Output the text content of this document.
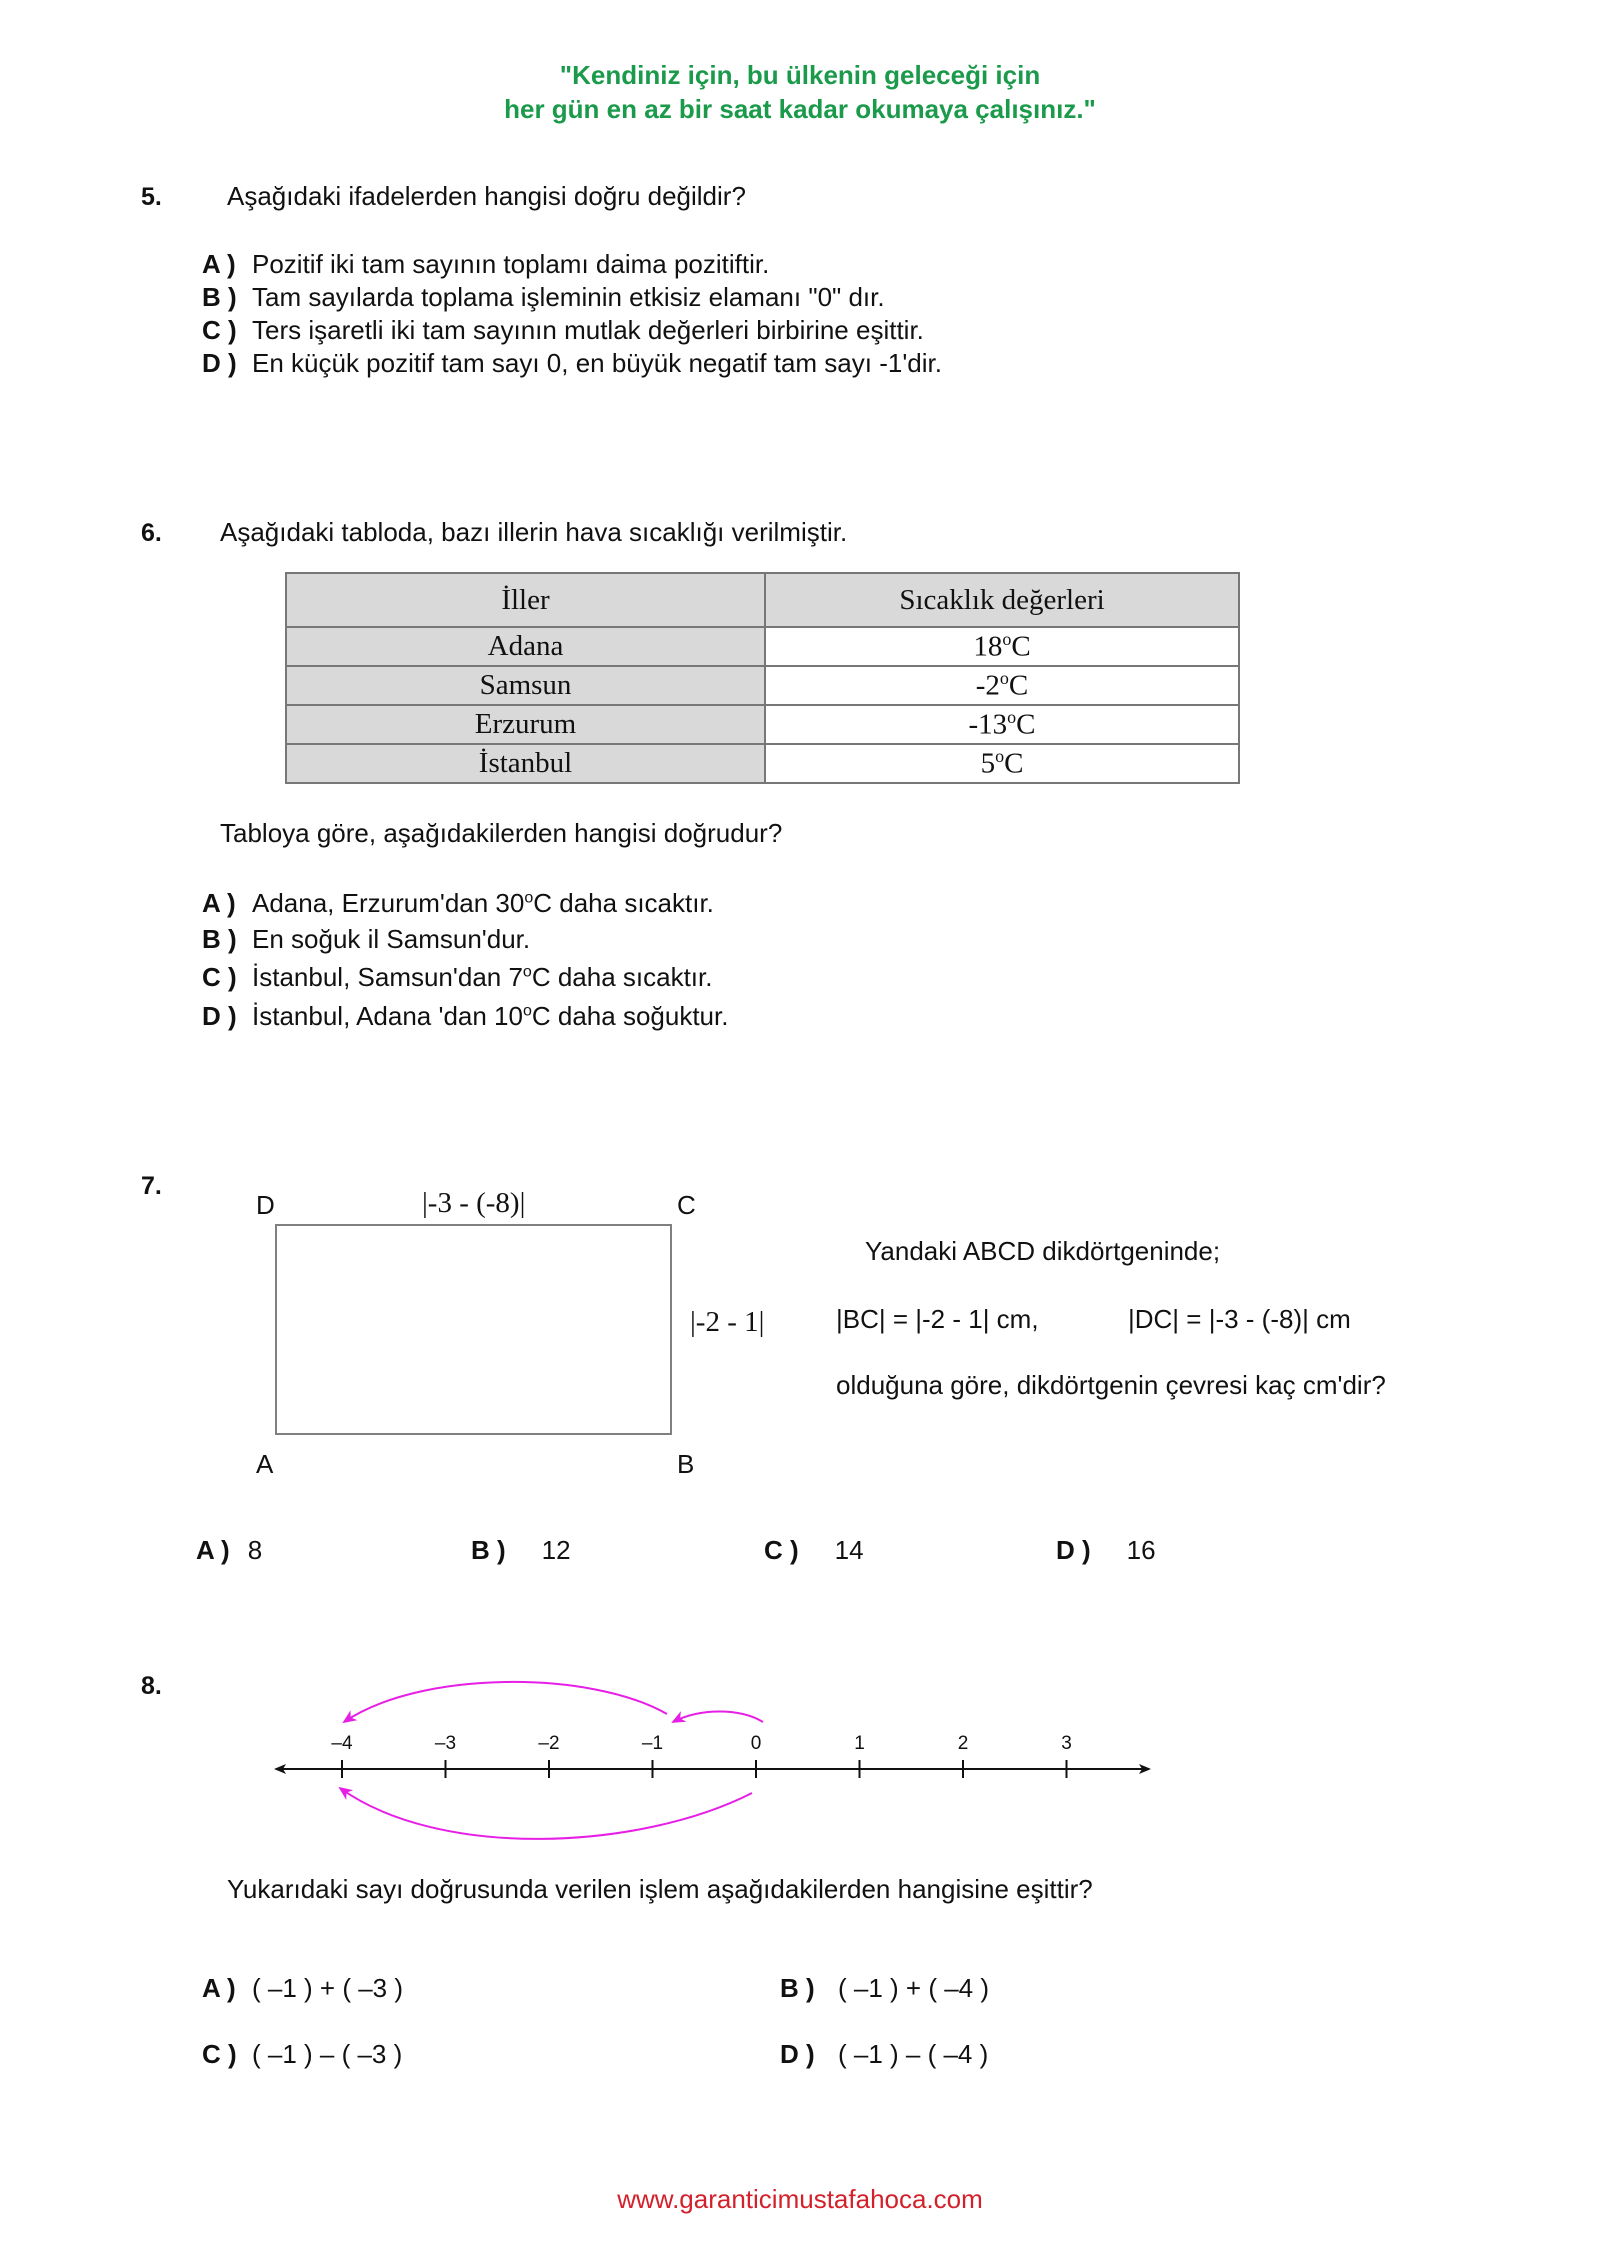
"Kendiniz için, bu ülkenin geleceği için
her gün en az bir saat kadar okumaya çalışınız."
5.	Aşağıdaki ifadelerden hangisi doğru değildir?
A ) Pozitif iki tam sayının toplamı daima pozitiftir.
B ) Tam sayılarda toplama işleminin etkisiz elamanı "0" dır.
C ) Ters işaretli iki tam sayının mutlak değerleri birbirine eşittir.
D ) En küçük pozitif tam sayı 0, en büyük negatif tam sayı -1'dir.
6. Aşağıdaki tabloda, bazı illerin hava sıcaklığı verilmiştir.
İller	Sıcaklık değerleri
Adana	18$^o$C
Samsun	-2$^o$C
Erzurum	-13$^o$C
İstanbul	5$^o$C
Tabloya göre, aşağıdakilerden hangisi doğrudur?
A ) Adana, Erzurum'dan 30$^o$C daha sıcaktır.
B ) En soğuk il Samsun'dur.
C ) İstanbul, Samsun'dan 7$^o$C daha sıcaktır.
D ) İstanbul, Adana 'dan 10$^o$C daha soğuktur.
7.
D	C
A	B
|-3 - (-8)|
|-2 - 1|
Yandaki ABCD dikdörtgeninde;
|BC| = |-2 - 1| cm,	|DC| = |-3 - (-8)| cm
olduğuna göre, dikdörtgenin çevresi kaç cm'dir?
A ) 8	B ) 12	C ) 14	D ) 16
8.
–4	–3	–2	–1	0	1	2	3
Yukarıdaki sayı doğrusunda verilen işlem aşağıdakilerden hangisine eşittir?
A ) ( –1 ) + ( –3 )	B ) ( –1 ) + ( –4 )
C ) ( –1 ) – ( –3 )	D ) ( –1 ) – ( –4 )
www.garanticimustafahoca.com
